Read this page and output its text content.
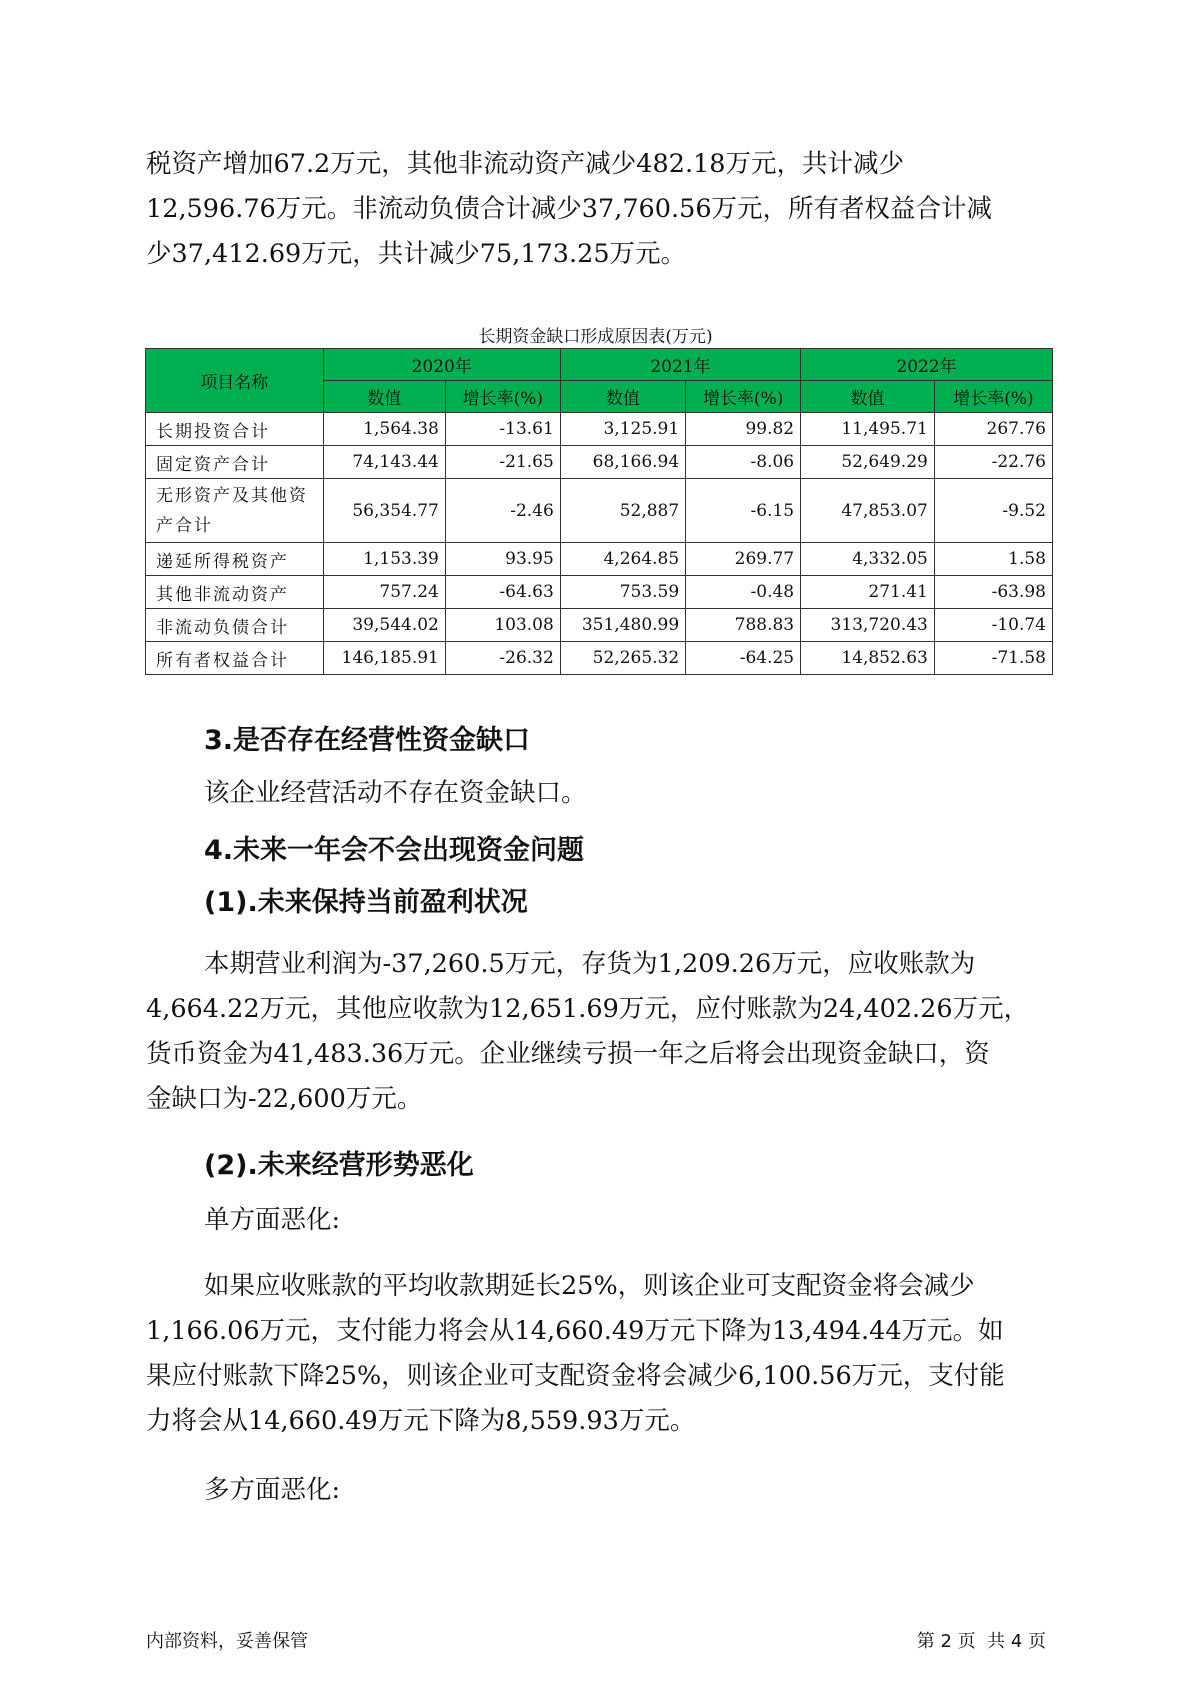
税资产增加67.2万元，其他非流动资产减少482.18万元，共计减少
12,596.76万元。非流动负债合计减少37,760.56万元，所有者权益合计减
少37,412.69万元，共计减少75,173.25万元。
长期资金缺口形成原因表(万元)
项目名称	2020年		2021年		2022年	
	数值	增长率(%)	数值	增长率(%)	数值	增长率(%)
长期投资合计	1,564.38	-13.61	3,125.91	99.82	11,495.71	267.76
固定资产合计	74,143.44	-21.65	68,166.94	-8.06	52,649.29	-22.76
无形资产及其他资产合计	56,354.77	-2.46	52,887	-6.15	47,853.07	-9.52
递延所得税资产	1,153.39	93.95	4,264.85	269.77	4,332.05	1.58
其他非流动资产	757.24	-64.63	753.59	-0.48	271.41	-63.98
非流动负债合计	39,544.02	103.08	351,480.99	788.83	313,720.43	-10.74
所有者权益合计	146,185.91	-26.32	52,265.32	-64.25	14,852.63	-71.58
3.是否存在经营性资金缺口
该企业经营活动不存在资金缺口。
4.未来一年会不会出现资金问题
(1).未来保持当前盈利状况
本期营业利润为-37,260.5万元，存货为1,209.26万元，应收账款为
4,664.22万元，其他应收款为12,651.69万元，应付账款为24,402.26万元，
货币资金为41,483.36万元。企业继续亏损一年之后将会出现资金缺口，资
金缺口为-22,600万元。
(2).未来经营形势恶化
单方面恶化:
如果应收账款的平均收款期延长25%，则该企业可支配资金将会减少
1,166.06万元，支付能力将会从14,660.49万元下降为13,494.44万元。如
果应付账款下降25%，则该企业可支配资金将会减少6,100.56万元，支付能
力将会从14,660.49万元下降为8,559.93万元。
多方面恶化:
内部资料，妥善保管	第 2 页  共 4 页
